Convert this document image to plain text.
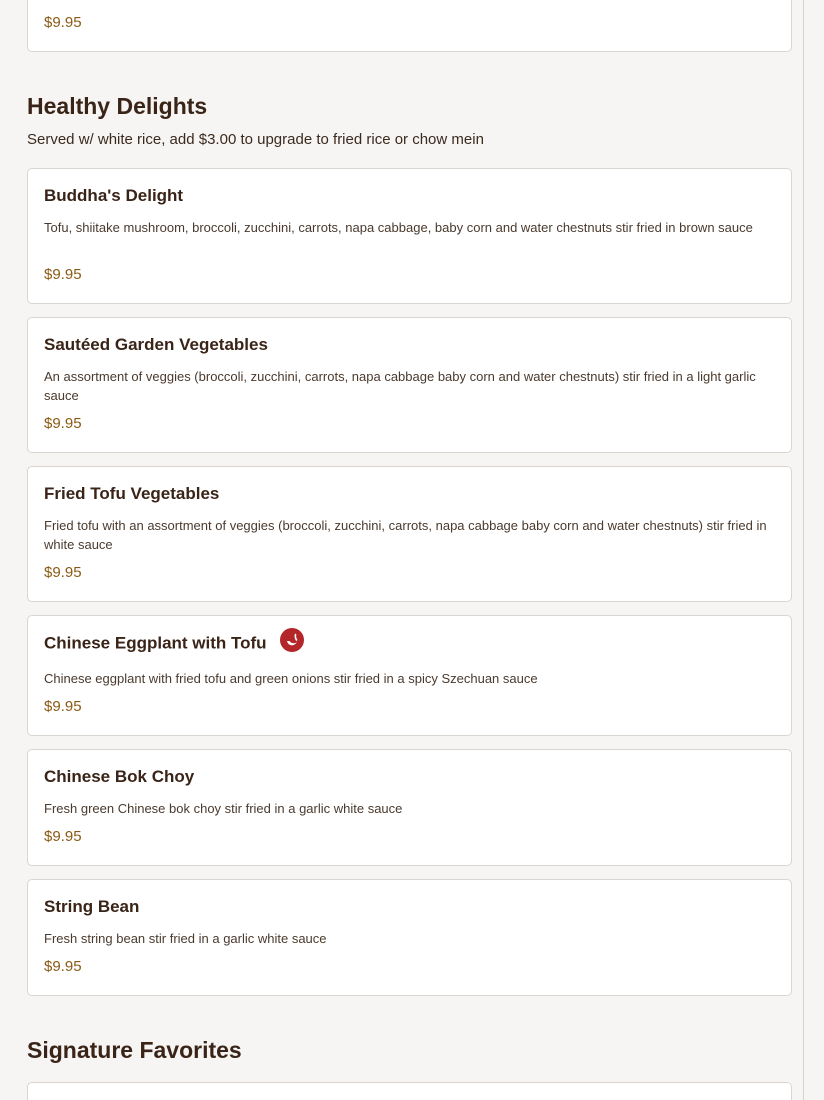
$9.95
Healthy Delights
Served w/ white rice, add $3.00 to upgrade to fried rice or chow mein
Buddha's Delight
Tofu, shiitake mushroom, broccoli, zucchini, carrots, napa cabbage, baby corn and water chestnuts stir fried in brown sauce
$9.95
Sautéed Garden Vegetables
An assortment of veggies (broccoli, zucchini, carrots, napa cabbage baby corn and water chestnuts) stir fried in a light garlic sauce
$9.95
Fried Tofu Vegetables
Fried tofu with an assortment of veggies (broccoli, zucchini, carrots, napa cabbage baby corn and water chestnuts) stir fried in white sauce
$9.95
Chinese Eggplant with Tofu
Chinese eggplant with fried tofu and green onions stir fried in a spicy Szechuan sauce
$9.95
Chinese Bok Choy
Fresh green Chinese bok choy stir fried in a garlic white sauce
$9.95
String Bean
Fresh string bean stir fried in a garlic white sauce
$9.95
Signature Favorites
